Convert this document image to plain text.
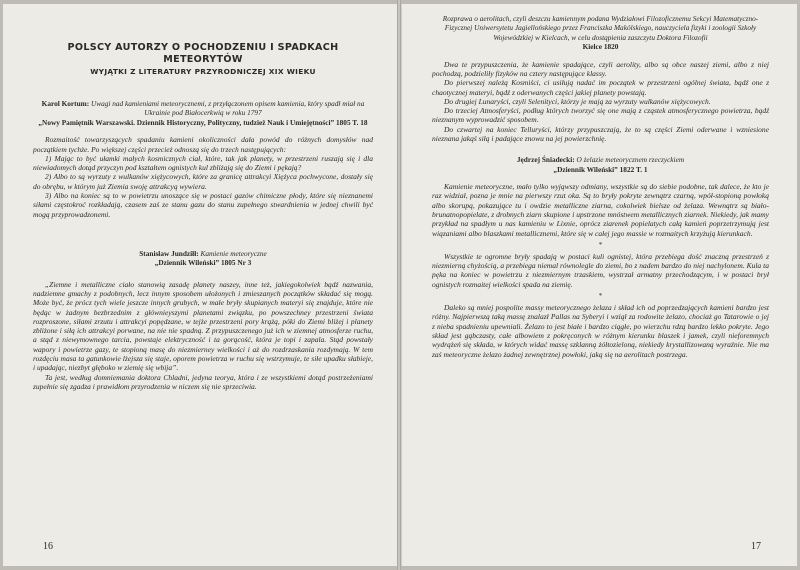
POLSCY AUTORZY O POCHODZENIU I SPADKACH METEORYTÓW
WYJĄTKI Z LITERATURY PRZYRODNICZEJ XIX WIEKU
Karol Kortum: Uwagi nad kamieniami meteorycznemi, z przyłączonem opisem kamienia, który spadł miał na Ukrainie pod Białocerkwią w roku 1797
„Nowy Pamiętnik Warszawski. Dziennik Historyczny, Polityczny, tudzież Nauk i Umiejętności” 1805 T. 18

Rozmaitość towarzyszących spadaniu kamieni okoliczności dała powód do różnych domysłów nad początkiem tychże. Po większej części przecież odnoszą się do trzech następujących:

1) Mając to być ułamki małych kosmicznych ciał, które, tak jak planety, w przestrzeni ruszają się i dla niewiadomych dotąd przyczyn pod kształtem ognistych kul zbliżają się do Ziemi i pękają?

2) Albo to są wyrzuty z wulkanów xiężycowych, które za granicę attrakcyi Xiężyca pochwycone, dostały się do obrębu, w którym już Ziemia swoję attrakcyą wywiera.

3) Albo na koniec są to w powietrzu unoszące się w postaci gazów chimiczne płody, które się nieznanemi siłami częstokroć rozkładają, czasem zaś ze stanu gazu do stanu zupełnego stwardnienia w jednej chwili być mogą przyprowadzonemi.

Stanisław Jundziłł: Kamienie meteoryczne
„Dziennik Wileński” 1805 Nr 3

„Ziemne i metalliczne ciało stanowią zasadę planety naszey, inne też, jakiegokolwiek bądź nazwania, nadziemne gmachy z podobnych, lecz innym sposobem ułożonych i zmieszanych początków składać się mogą. Może być, że prócz tych wiele jeszcze innych grubych, w małe bryły skupianych materyi się znajduje, które nie będąc w żadnym bezbrzednim z głównieyszymi planetami związku, po powszechney przestrzeni świata rozproszone, siłami zrzutu i attrakcyi popędzane, w tejże przestrzeni pory krążą, póki do Ziemi bliżej i planety zbliżone i siłą ich attrakcyi porwane, na nie nie spadną. Z przypuszczenego już ich w ziemnej atmosferze ruchu, a stąd z niewymownego tarcia, powstaje elektryczność i ta gorącość, która je topi i zapala. Stąd powstały wapory i powietrze gazy, te stopioną masę do niezmierney wielkości i aż do rozdrzaskania rozdymają. W tem rozdęciu masa ta gatunkowie lżejsza się staje, oporem powietrza w ruchu się wstrzymuje, te siłe upadku słabieje, i upadając, niezbyt głęboko w ziemię się wbija”.

Ta jest, według domniemania doktora Chladni, jedyna teorya, która i ze wszystkiemi dotąd postrzeżeniami zupełnie się zgadza i prawidłom przyrodzenia w niczem się nie sprzeciwia.

16
Rozprawa o aerolitach, czyli deszczu kamiennym podana Wydziałowi Filozoficznemu Sekcyi Matematyczno-Fizycznej Uniwersytetu Jagiellońskiego przez Franciszka Makólskiego, nauczyciela fizyki i zoologii Szkoły Wojewódzkiej w Kielcach, w celu dostąpienia zaszczytu Doktora Filozofii
Kielce 1820

Dwa te przypuszczenia, że kamienie spadające, czyli aerolity, albo są obce naszej ziemi, albo z niej pochodzą, podzieliły fizyków na cztery następujące klassy.

Do pierwszej należą Kosmiści, ci usiłują nadać im początek w przestrzeni ogólnej świata, bądź one z chaotycznej materyi, bądź z oderwanych części jakiej planety powstają.

Do drugiej Lunaryści, czyli Selenityci, którzy je mają za wyrzuty wulkanów xiężycowych.

Do trzeciej Atmosferyści, podług których tworzyć się one mają z cząstek atmosferycznego powietrza, bądź nieznanym wyprowadzić sposobem.

Do czwartej na koniec Telluryści, którzy przypuszczają, że to są części Ziemi oderwane i wzniesione nieznana jakąś siłą i padające znowu na jej powierzchnię.

Jędrzej Śniadecki: O żelazie meteorycznem rzeczyckiem
„Dziennik Wileński” 1822 T. 1

Kamienie meteoryczne, mało tylko wyjąwszy odmiany, wszystkie są do siebie podobne, tak dalece, że kto je raz widział, pozna je mnie na pierwszy rzut oka. Są to bryły pokryte zewnątrz czarną, wpół-stopioną powłoką albo skorupą, pokazujące tu i owdzie metalliczne ziarna, cokolwiek bielsze od żelaza. Wewnątrz są biało-brunatnopopielate, z drobnych ziarn skupione i upstrzone mnóstwem metallicznych ziarnek. Niekiedy, jak mamy przykład na spadłym u nas kamieniu w Lixnie, oprócz ziarenek popielatych całą kamień poprzetrzymują jest wiązaniami albo blaszkami metallicznemi, które się w całej jego massie w rozmaitych krzyżują kierunkach.

*

Wszystkie te ogromne bryły spadają w postaci kuli ognistej, która przebiega dość znaczną przestrzeń z niezmierną chyżością, a przebiega niemal równolegle do ziemi, bo z nadem bardzo do niej nachylonem. Kula ta pęka na koniec w powietrzu z niezmiernym trzaskiem, wystrzał armatny przechodzącym, i w postaci brył ognistych rozmaitej wielkości spada na ziemię.

*

Daleko są mniej pospolite massy meteorycznego żelaza i skład ich od poprzedzających kamieni bardzo jest różny. Najpierwszą taką massę znalazł Pallas na Syberyi i wziął za rodowite żelazo, chociaż go Tatarowie o jej z nieba spadnieniu upewniali. Żelazo to jest białe i bardzo ciągłe, po wierzchu rdzą bardzo lekko pokryte. Jego skład jest gąbczasty, całe albowiem z pokręconych w różnym kierunku blaszek i jamek, czyli nieforemnych wydrążeń się składa, w których widać massę szklanną żółtozieloną, niekiedy krystallizowaną wyraźnie. Nie ma zaś meteoryczne żelazo żadnej zewnętrznej powłoki, jaką się na aerolitach postrzega.

17
